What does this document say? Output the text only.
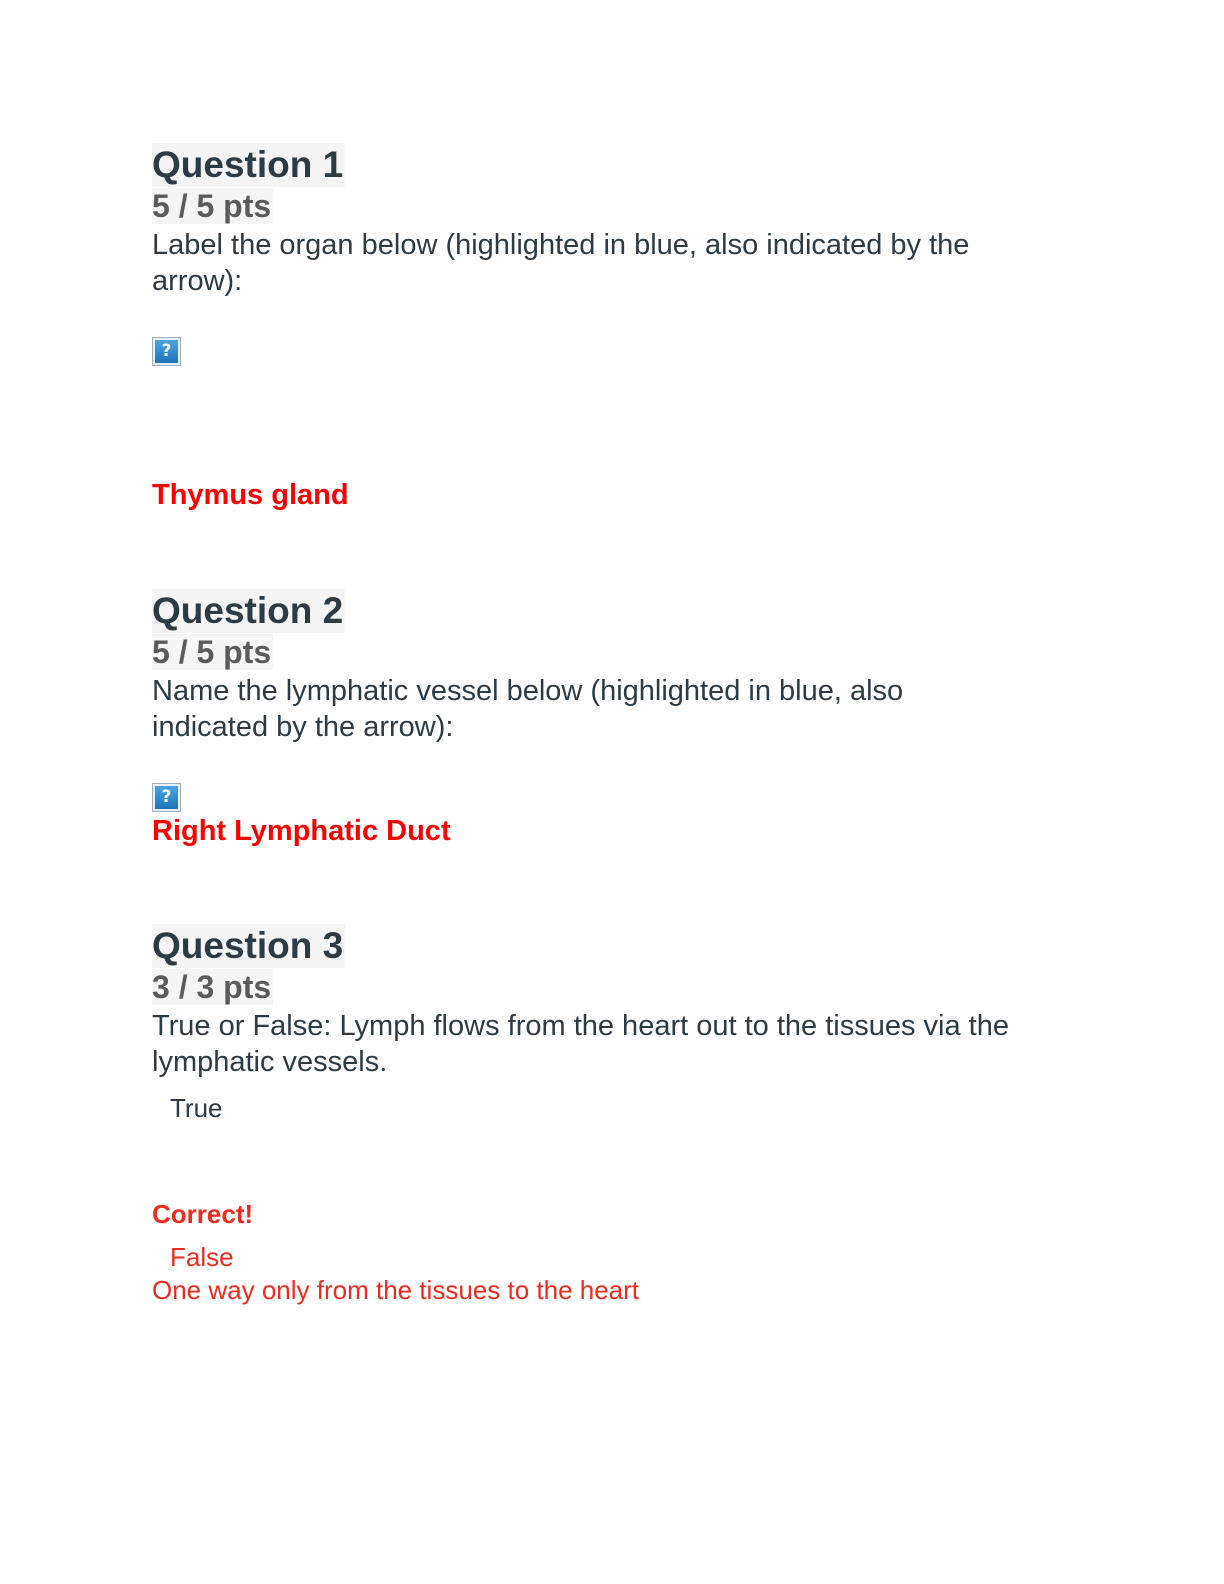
Question 1
5 / 5 pts
Label the organ below (highlighted in blue, also indicated by the arrow):
?
Thymus gland
Question 2
5 / 5 pts
Name the lymphatic vessel below (highlighted in blue, also indicated by the arrow):
?
Right Lymphatic Duct
Question 3
3 / 3 pts
True or False: Lymph flows from the heart out to the tissues via the lymphatic vessels.
True
Correct!
False
One way only from the tissues to the heart
